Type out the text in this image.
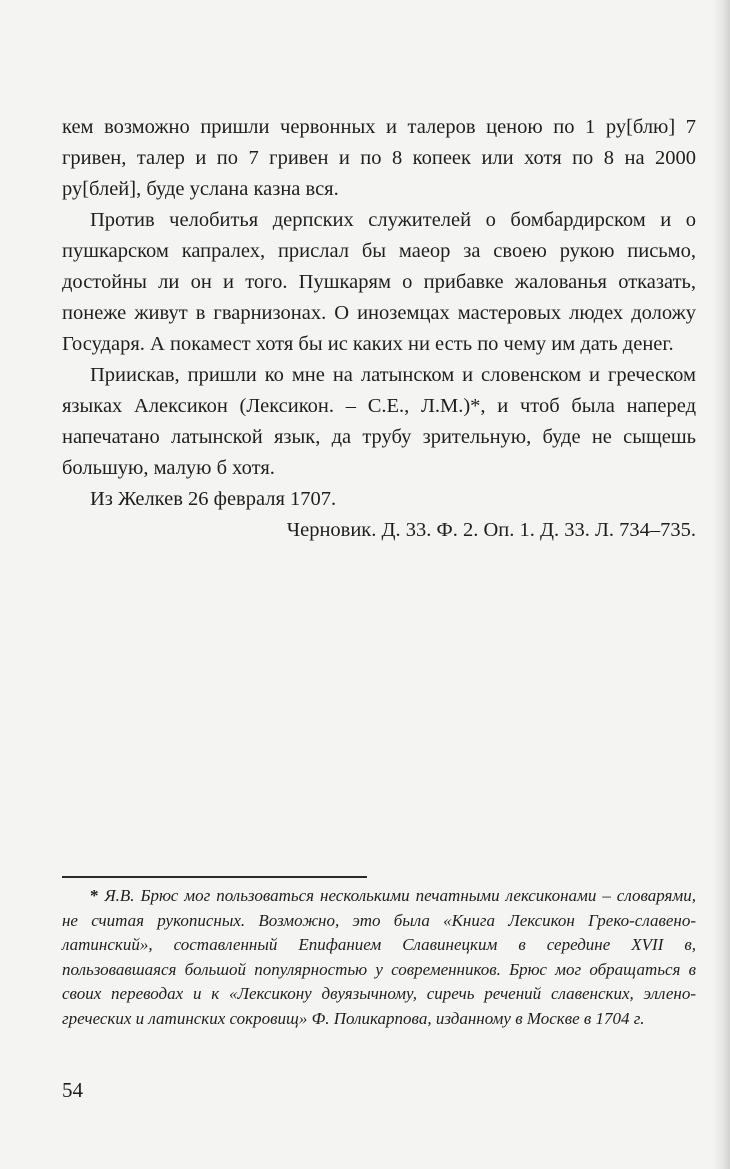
кем возможно пришли червонных и талеров ценою по 1 ру[блю] 7 гривен, талер и по 7 гривен и по 8 копеек или хотя по 8 на 2000 ру[блей], буде услана казна вся.

Против челобитья дерпских служителей о бомбардирском и о пушкарском капралех, прислал бы маеор за своею рукою письмо, достойны ли он и того. Пушкарям о прибавке жалованья отказать, понеже живут в гварнизонах. О иноземцах мастеровых людех доложу Государя. А покамест хотя бы ис каких ни есть по чему им дать денег.

Приискав, пришли ко мне на латынском и словенском и греческом языках Алексикон (Лексикон. – С.Е., Л.М.)*, и чтоб была напеpед напечатано латынской язык, да трубу зрительную, буде не сыщешь большую, малую б хотя.

Из Желкев 26 февраля 1707.

Черновик. Д. 33. Ф. 2. Оп. 1. Д. 33. Л. 734–735.

* Я.В. Брюс мог пользоваться несколькими печатными лексиконами – словарями, не считая рукописных. Возможно, это была «Книга Лексикон Греко-славено-латинский», составленный Епифанием Славинецким в середине XVII в, пользовавшаяся большой популярностью у современников. Брюс мог обращаться в своих переводах и к «Лексикону двуязычному, сиречь речений славенских, эллено-греческих и латинских сокровищ» Ф. Поликарпова, изданному в Москве в 1704 г.

54
